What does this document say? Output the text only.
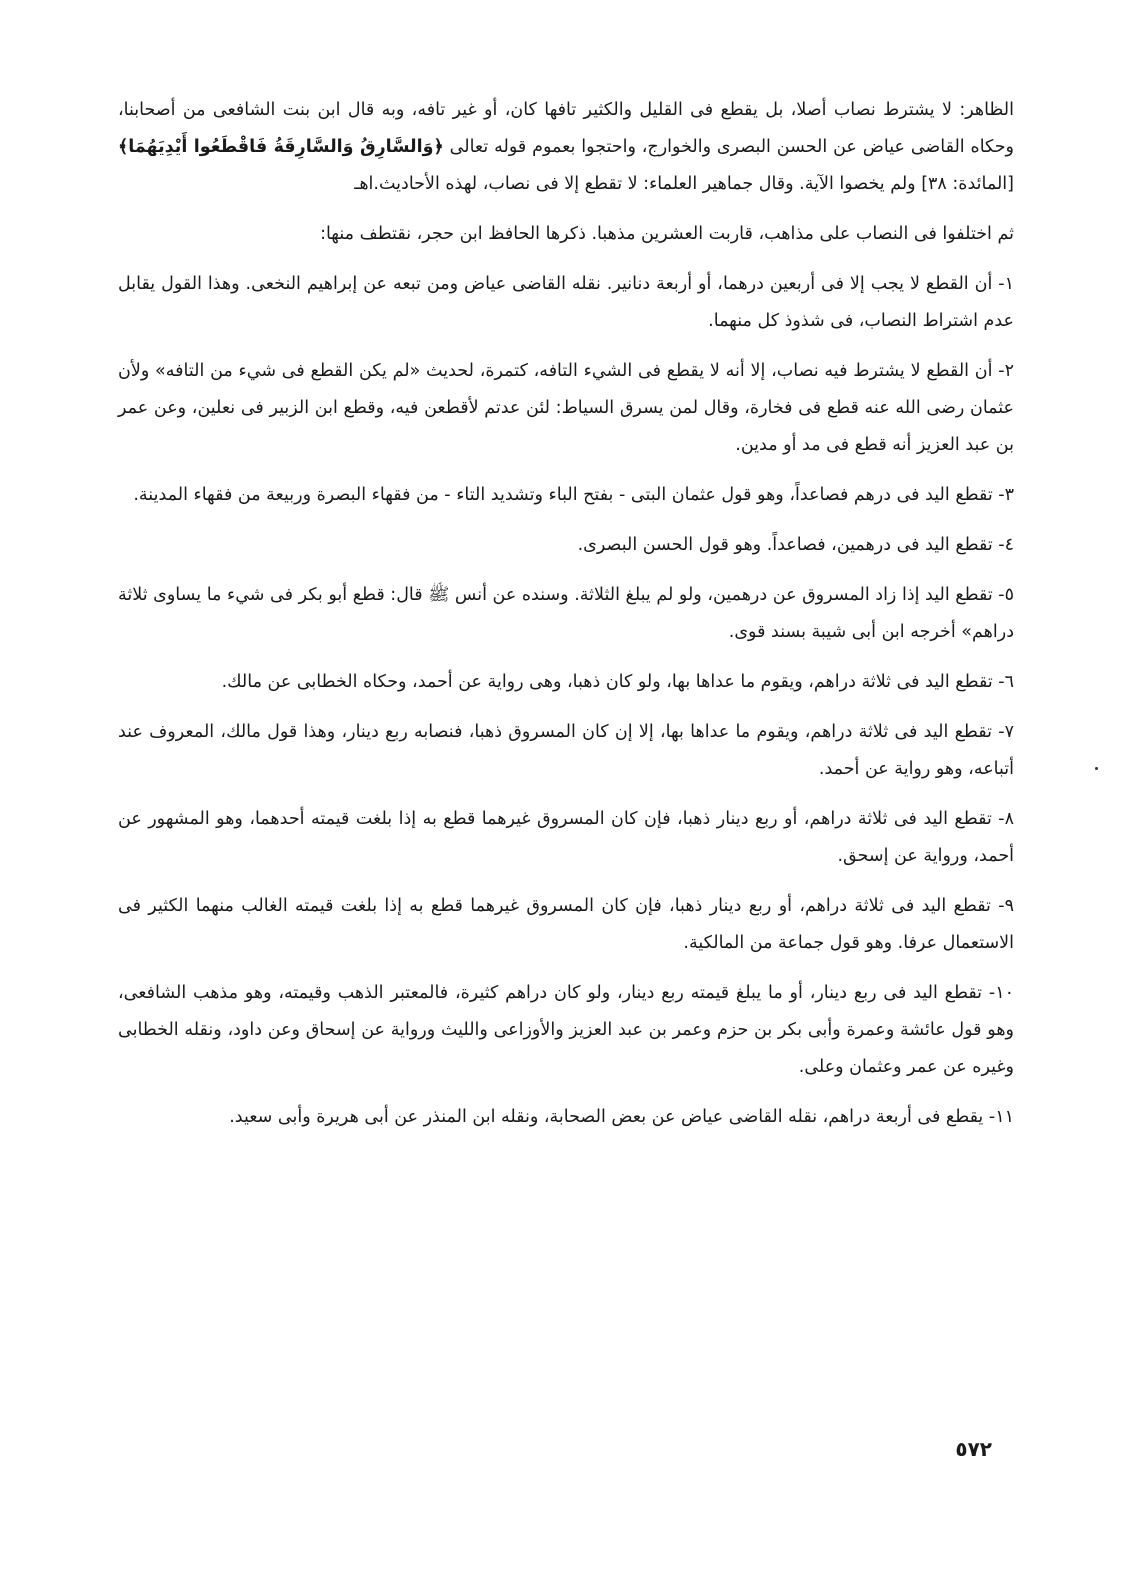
الظاهر: لا يشترط نصاب أصلا، بل يقطع فى القليل والكثير تافها كان، أو غير تافه، وبه قال ابن بنت الشافعى من أصحابنا، وحكاه القاضى عياض عن الحسن البصرى والخوارج، واحتجوا بعموم قوله تعالى ﴿وَالسَّارِقُ وَالسَّارِقَةُ فَاقْطَعُوا أَيْدِيَهُمَا﴾ [المائدة: ٣٨] ولم يخصوا الآية. وقال جماهير العلماء: لا تقطع إلا فى نصاب، لهذه الأحاديث.اهـ

ثم اختلفوا فى النصاب على مذاهب، قاربت العشرين مذهبا. ذكرها الحافظ ابن حجر، نقتطف منها:

١- أن القطع لا يجب إلا فى أربعين درهما، أو أربعة دنانير. نقله القاضى عياض ومن تبعه عن إبراهيم النخعى. وهذا القول يقابل عدم اشتراط النصاب، فى شذوذ كل منهما.

٢- أن القطع لا يشترط فيه نصاب، إلا أنه لا يقطع فى الشيء التافه، كتمرة، لحديث «لم يكن القطع فى شيء من التافه» ولأن عثمان رضى الله عنه قطع فى فخارة، وقال لمن يسرق السياط: لئن عدتم لأقطعن فيه، وقطع ابن الزبير فى نعلين، وعن عمر بن عبد العزيز أنه قطع فى مد أو مدين.

٣- تقطع اليد فى درهم فصاعداً، وهو قول عثمان البتى - بفتح الباء وتشديد التاء - من فقهاء البصرة وربيعة من فقهاء المدينة.

٤- تقطع اليد فى درهمين، فصاعداً. وهو قول الحسن البصرى.

٥- تقطع اليد إذا زاد المسروق عن درهمين، ولو لم يبلغ الثلاثة. وسنده عن أنس ﷺ قال: قطع أبو بكر فى شيء ما يساوى ثلاثة دراهم» أخرجه ابن أبى شيبة بسند قوى.

٦- تقطع اليد فى ثلاثة دراهم، ويقوم ما عداها بها، ولو كان ذهبا، وهى رواية عن أحمد، وحكاه الخطابى عن مالك.

٧- تقطع اليد فى ثلاثة دراهم، ويقوم ما عداها بها، إلا إن كان المسروق ذهبا، فنصابه ربع دينار، وهذا قول مالك، المعروف عند أتباعه، وهو رواية عن أحمد.

٨- تقطع اليد فى ثلاثة دراهم، أو ربع دينار ذهبا، فإن كان المسروق غيرهما قطع به إذا بلغت قيمته أحدهما، وهو المشهور عن أحمد، ورواية عن إسحق.

٩- تقطع اليد فى ثلاثة دراهم، أو ربع دينار ذهبا، فإن كان المسروق غيرهما قطع به إذا بلغت قيمته الغالب منهما الكثير فى الاستعمال عرفا. وهو قول جماعة من المالكية.

١٠- تقطع اليد فى ربع دينار، أو ما يبلغ قيمته ربع دينار، ولو كان دراهم كثيرة، فالمعتبر الذهب وقيمته، وهو مذهب الشافعى، وهو قول عائشة وعمرة وأبى بكر بن حزم وعمر بن عبد العزيز والأوزاعى والليث ورواية عن إسحاق وعن داود، ونقله الخطابى وغيره عن عمر وعثمان وعلى.

١١- يقطع فى أربعة دراهم، نقله القاضى عياض عن بعض الصحابة، ونقله ابن المنذر عن أبى هريرة وأبى سعيد.

٥٧٢
